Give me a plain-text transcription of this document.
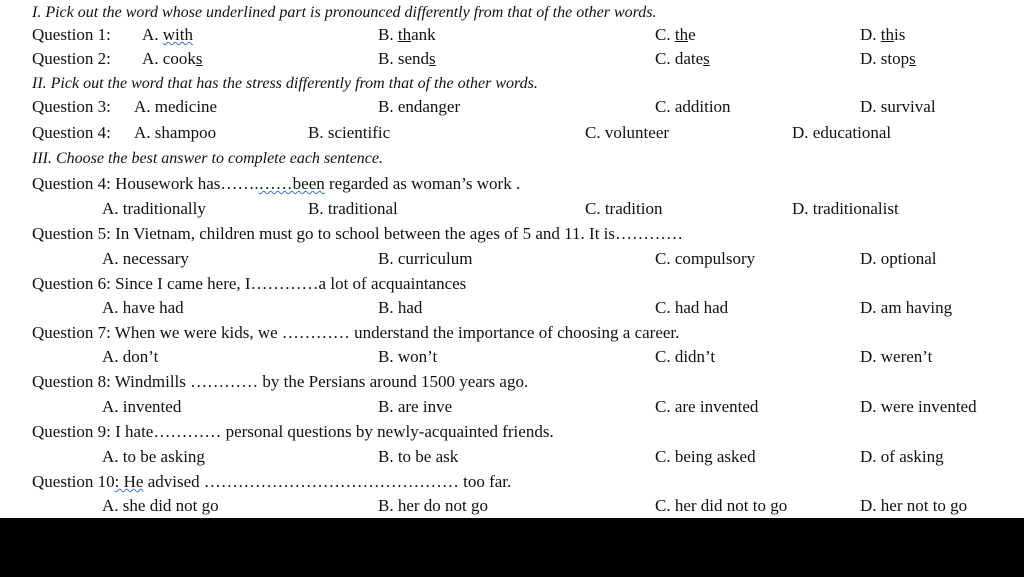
I. Pick out the word whose underlined part is pronounced differently from that of the other words.
Question 1: A. with	B. thank	C. the	D. this
Question 2: A. cooks	B. sends	C. dates	D. stops
II. Pick out the word that has the stress differently from that of the other words.
Question 3: A. medicine	B. endanger	C. addition	D. survival
Question 4: A. shampoo	B. scientific	C. volunteer	D. educational
III. Choose the best answer to complete each sentence.
Question 4: Housework has…….……been regarded as woman’s work .
A. traditionally	B. traditional	C. tradition	D. traditionalist
Question 5: In Vietnam, children must go to school between the ages of 5 and 11. It is…………
A. necessary	B. curriculum	C. compulsory	D. optional
Question 6: Since I came here, I…………a lot of acquaintances
A. have had	B. had	C. had had	D. am having
Question 7: When we were kids, we ………… understand the importance of choosing a career.
A. don’t	B. won’t	C. didn’t	D. weren’t
Question 8: Windmills ………… by the Persians around 1500 years ago.
A. invented	B. are inve	C. are invented	D. were invented
Question 9: I hate………… personal questions by newly-acquainted friends.
A. to be asking	B. to be ask	C. being asked	D. of asking
Question 10: He advised ……………………………………… too far.
A. she did not go	B. her do not go	C. her did not to go	D. her not to go
